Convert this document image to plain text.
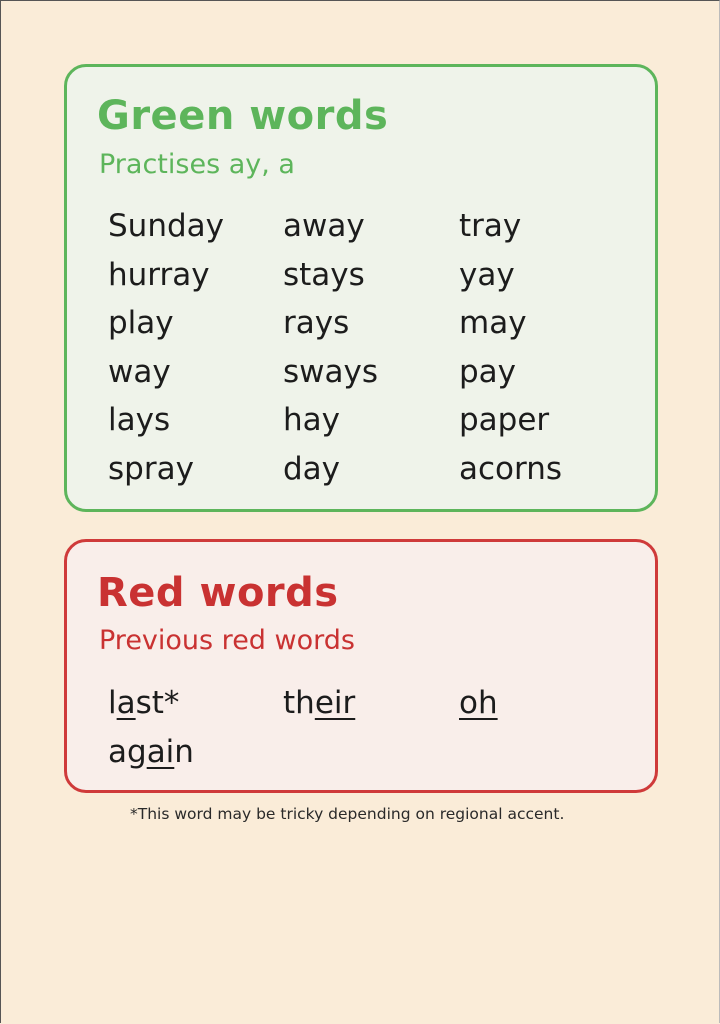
Green words

Practises ay, a

Sunday	away	tray
hurray	stays	yay
play	rays	may
way	sways	pay
lays	hay	paper
spray	day	acorns
Red words

Previous red words

last*	their	oh
again

*This word may be tricky depending on regional accent.
